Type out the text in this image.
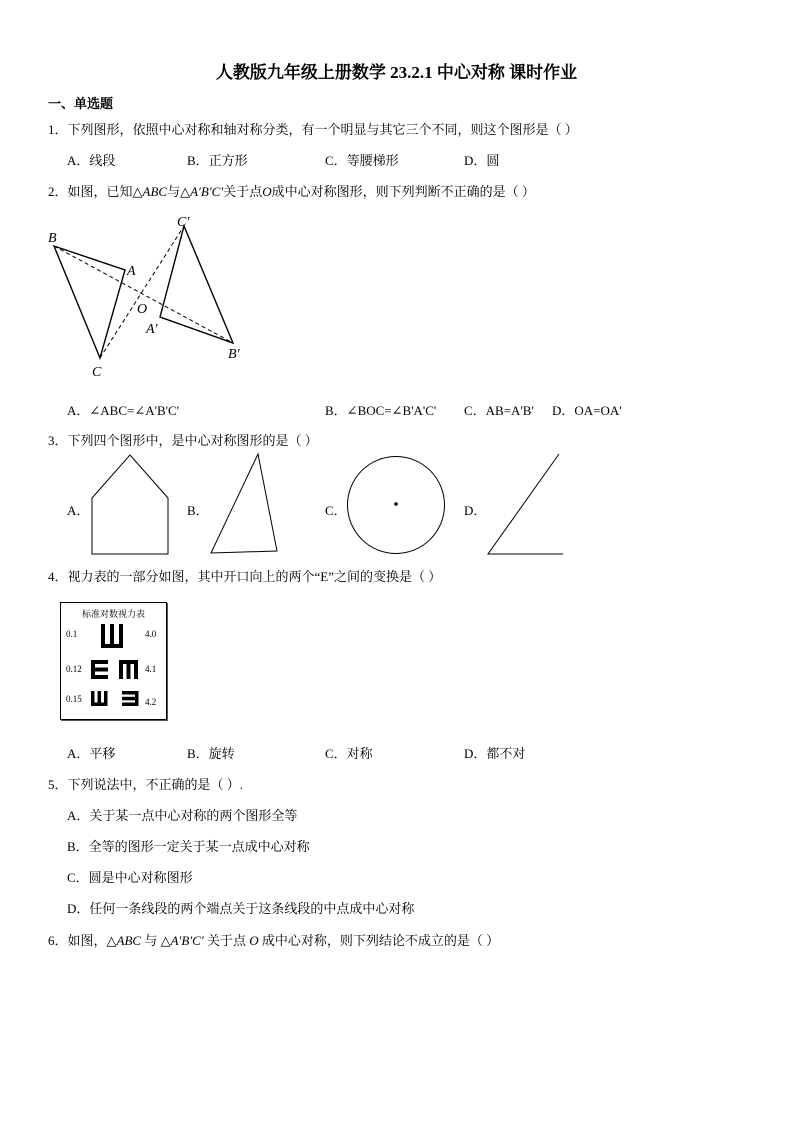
人教版九年级上册数学 23.2.1 中心对称 课时作业
一、单选题
1．下列图形，依照中心对称和轴对称分类，有一个明显与其它三个不同，则这个图形是（ ）
A．线段	B．正方形	C．等腰梯形	D．圆
2．如图，已知△ABC与△A′B′C′关于点O成中心对称图形，则下列判断不正确的是（ ）
B
A
C
O
C′
A′
B′
A．∠ABC=∠A'B'C'	B．∠BOC=∠B'A'C' C．AB=A'B' D．OA=OA'
3．下列四个图形中，是中心对称图形的是（ ）
A．	B．	C．	D．
4．视力表的一部分如图，其中开口向上的两个“E”之间的变换是（ ）
标准对数视力表
0.1
0.12
0.15
4.0
4.1
4.2
A．平移	B．旋转	C．对称	D．都不对
5．下列说法中，不正确的是（ ）.
A．关于某一点中心对称的两个图形全等
B．全等的图形一定关于某一点成中心对称
C．圆是中心对称图形
D．任何一条线段的两个端点关于这条线段的中点成中心对称
6．如图，△ABC 与 △A′B′C′ 关于点 O 成中心对称，则下列结论不成立的是（ ）
